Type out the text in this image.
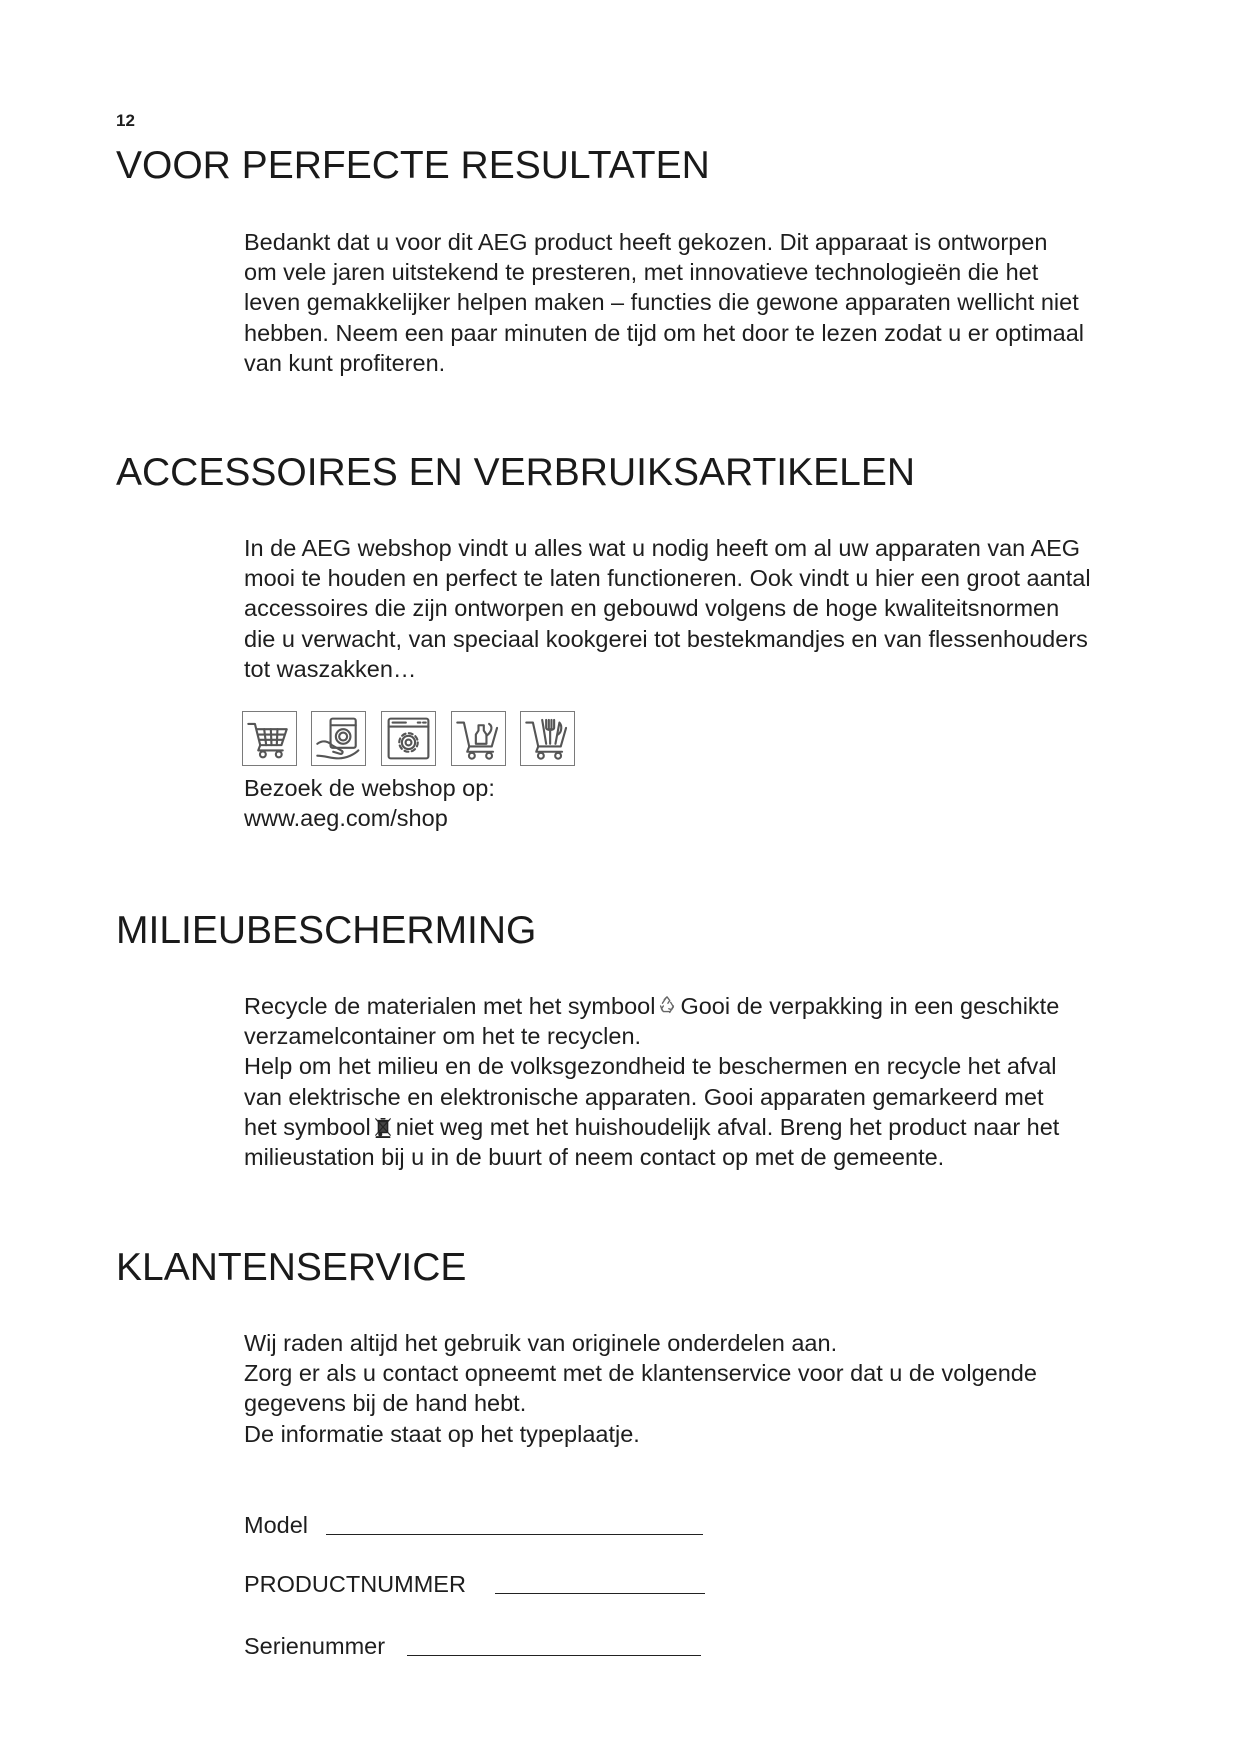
12
VOOR PERFECTE RESULTATEN
Bedankt dat u voor dit AEG product heeft gekozen. Dit apparaat is ontworpen
om vele jaren uitstekend te presteren, met innovatieve technologieën die het
leven gemakkelijker helpen maken – functies die gewone apparaten wellicht niet
hebben. Neem een paar minuten de tijd om het door te lezen zodat u er optimaal
van kunt profiteren.
ACCESSOIRES EN VERBRUIKSARTIKELEN
In de AEG webshop vindt u alles wat u nodig heeft om al uw apparaten van AEG
mooi te houden en perfect te laten functioneren. Ook vindt u hier een groot aantal
accessoires die zijn ontworpen en gebouwd volgens de hoge kwaliteitsnormen
die u verwacht, van speciaal kookgerei tot bestekmandjes en van flessenhouders
tot waszakken…
Bezoek de webshop op:
www.aeg.com/shop
MILIEUBESCHERMING
Recycle de materialen met het symbool Gooi de verpakking in een geschikte
verzamelcontainer om het te recyclen.
Help om het milieu en de volksgezondheid te beschermen en recycle het afval
van elektrische en elektronische apparaten. Gooi apparaten gemarkeerd met
het symbool niet weg met het huishoudelijk afval. Breng het product naar het
milieustation bij u in de buurt of neem contact op met de gemeente.
KLANTENSERVICE
Wij raden altijd het gebruik van originele onderdelen aan.
Zorg er als u contact opneemt met de klantenservice voor dat u de volgende
gegevens bij de hand hebt.
De informatie staat op het typeplaatje.
Model
PRODUCTNUMMER
Serienummer
